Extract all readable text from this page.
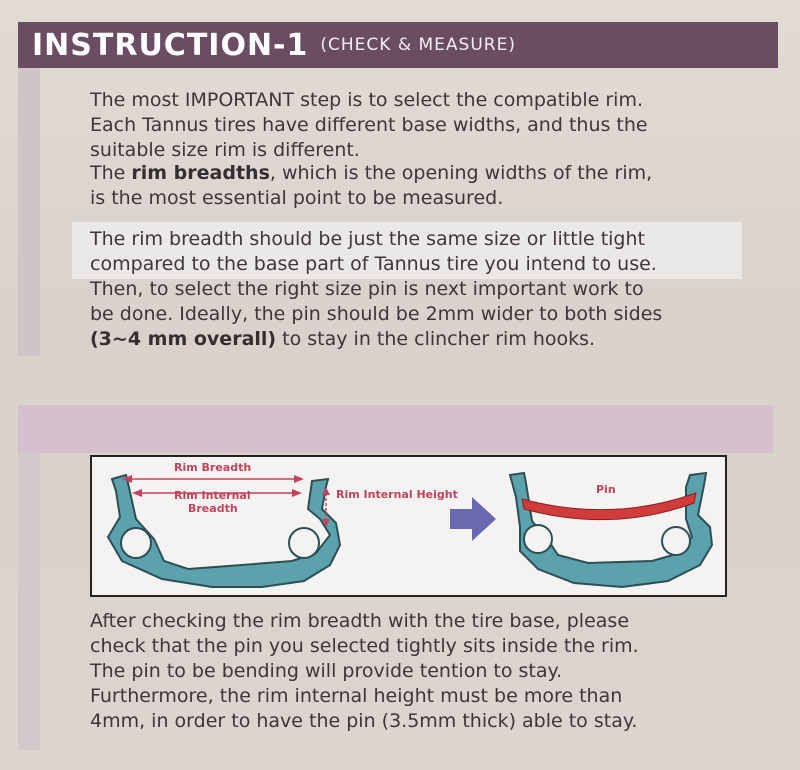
INSTRUCTION-1 (CHECK & MEASURE)

The most IMPORTANT step is to select the compatible rim.

Each Tannus tires have different base widths, and thus the

suitable size rim is different.

The rim breadths, which is the opening widths of the rim,

is the most essential point to be measured.

The rim breadth should be just the same size or little tight

compared to the base part of Tannus tire you intend to use.

Then, to select the right size pin is next important work to

be done. Ideally, the pin should be 2mm wider to both sides

(3~4 mm overall) to stay in the clincher rim hooks.

Rim Breadth
Rim Internal
Breadth
Rim Internal Height	Pin

After checking the rim breadth with the tire base, please

check that the pin you selected tightly sits inside the rim.

The pin to be bending will provide tention to stay.

Furthermore, the rim internal height must be more than

4mm, in order to have the pin (3.5mm thick) able to stay.
